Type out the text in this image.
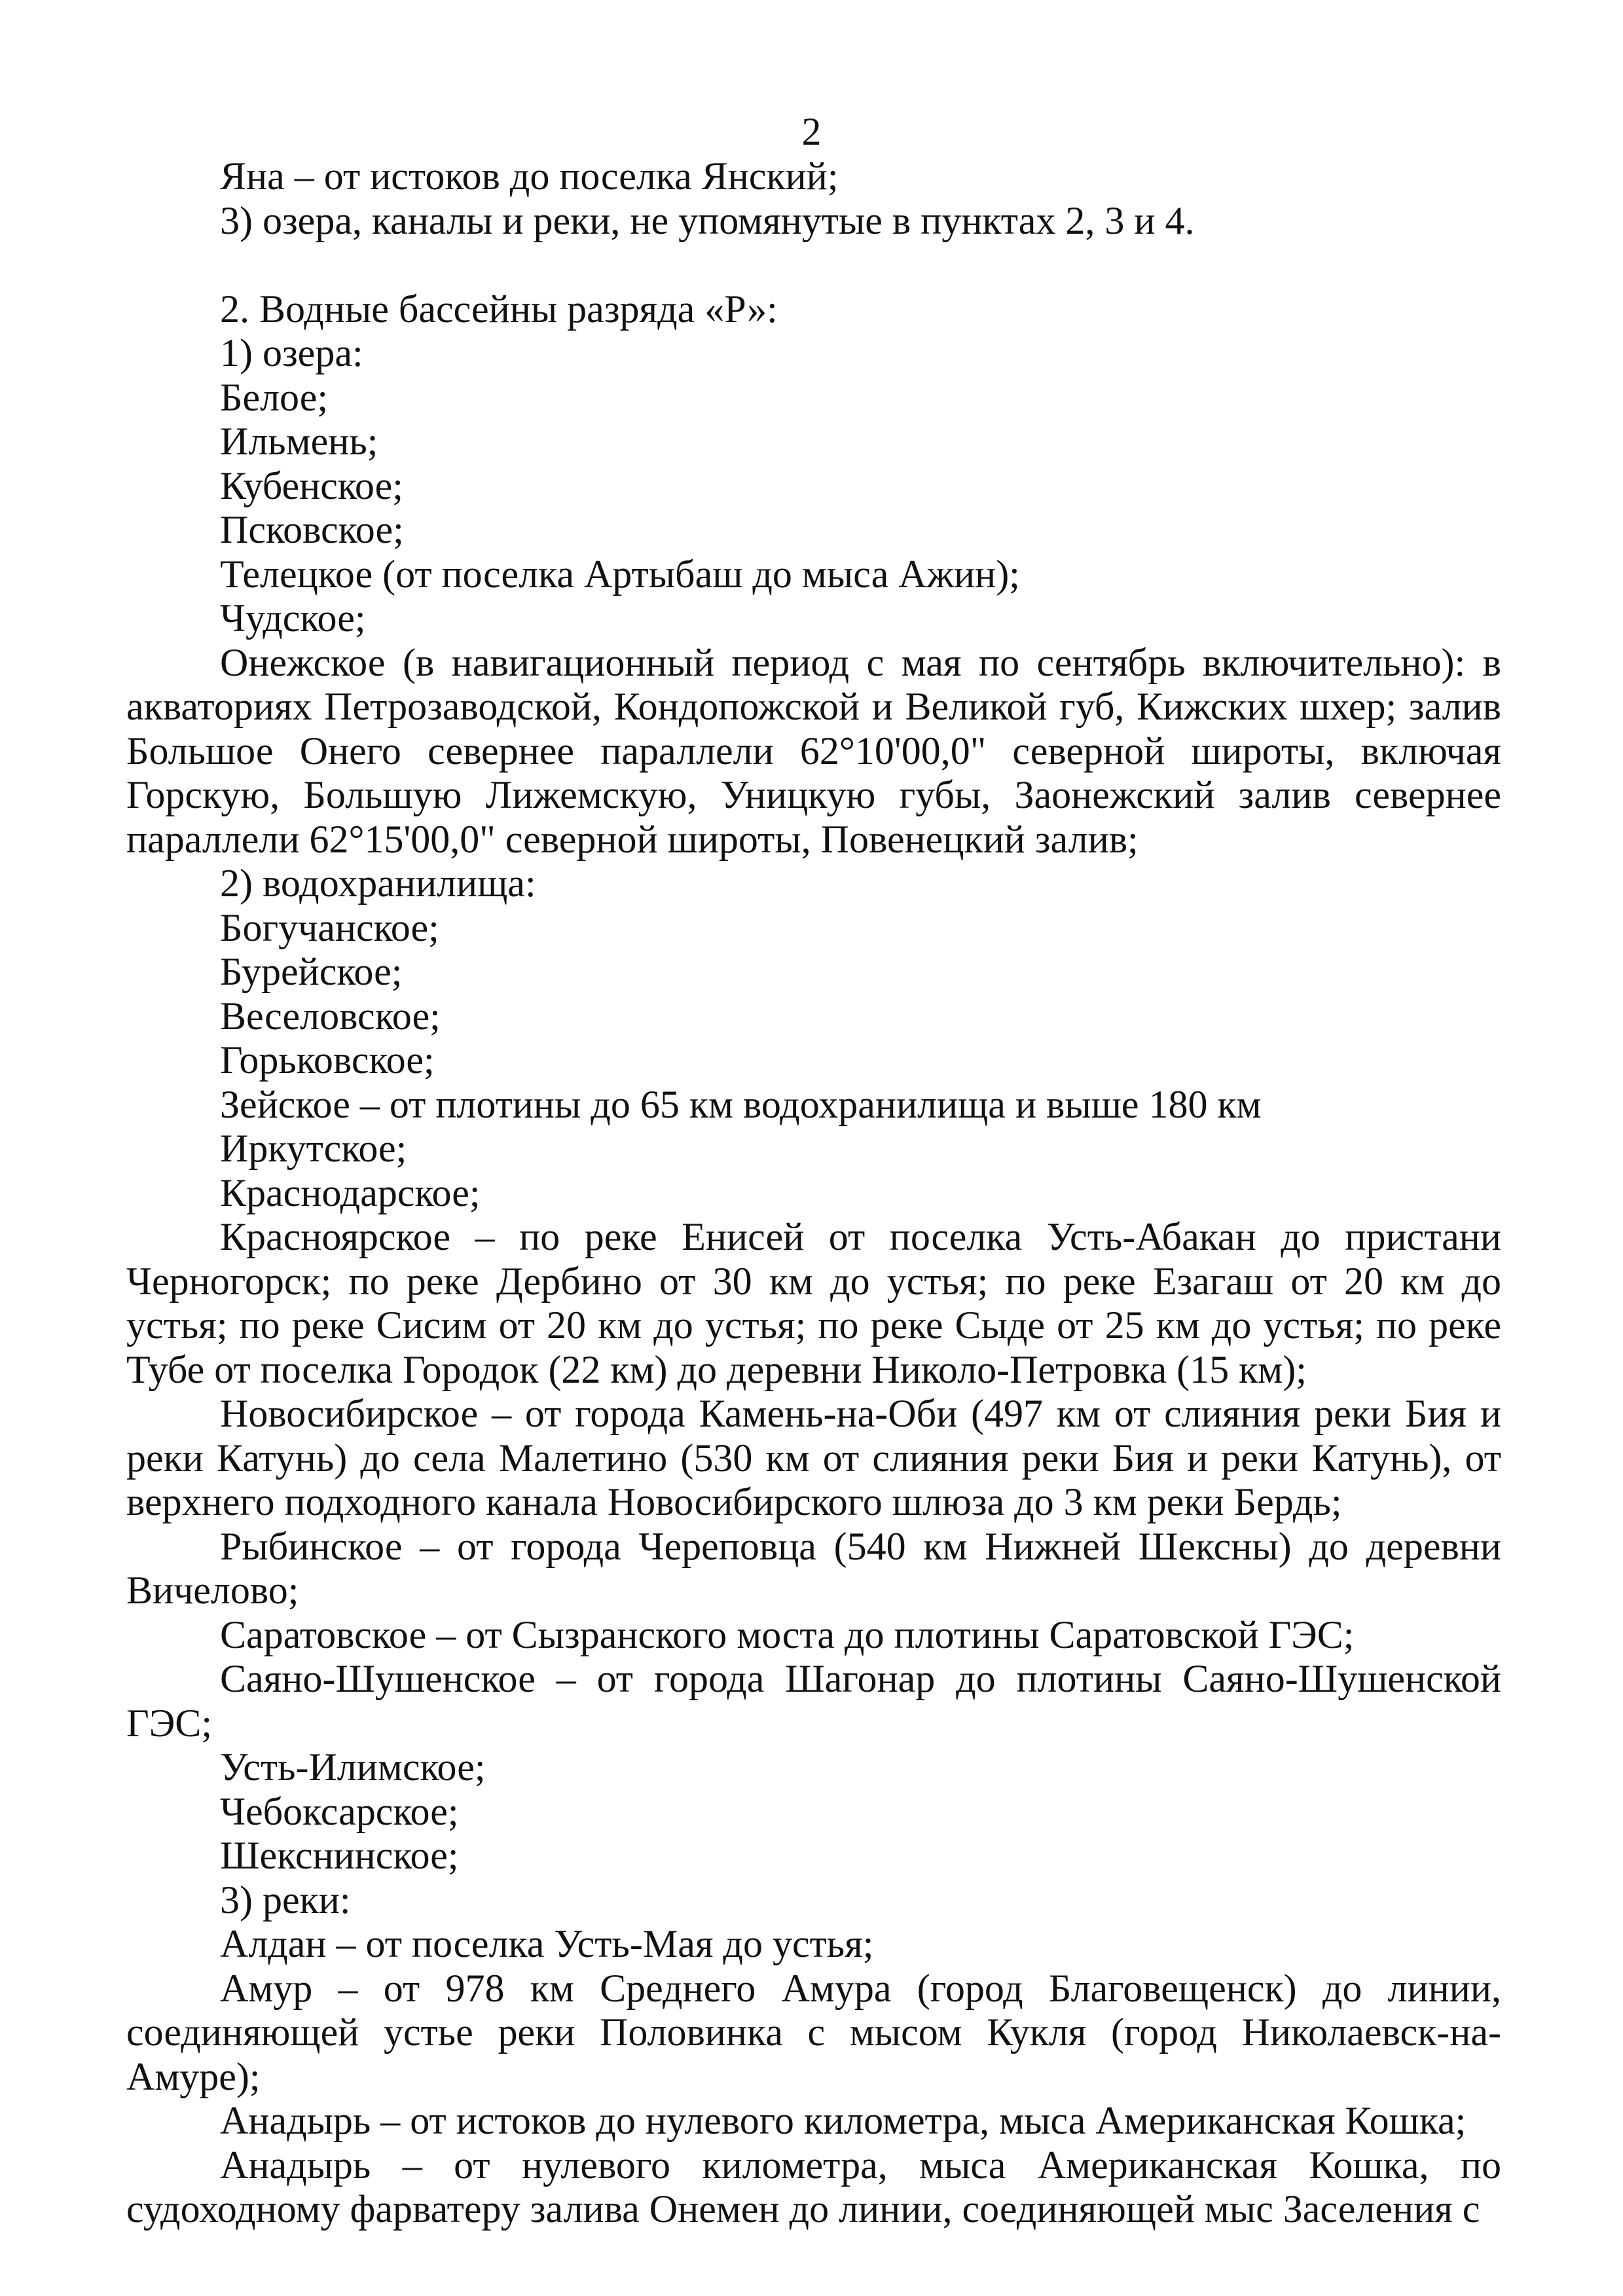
2

Яна – от истоков до поселка Янский;

3) озера, каналы и реки, не упомянутые в пунктах 2, 3 и 4.

2. Водные бассейны разряда «Р»:

1) озера:

Белое;

Ильмень;

Кубенское;

Псковское;

Телецкое (от поселка Артыбаш до мыса Ажин);

Чудское;

Онежское (в навигационный период с мая по сентябрь включительно): в акваториях Петрозаводской, Кондопожской и Великой губ, Кижских шхер; залив Большое Онего севернее параллели 62°10'00,0" северной широты, включая Горскую, Большую Лижемскую, Уницкую губы, Заонежский залив севернее параллели 62°15'00,0" северной широты, Повенецкий залив;

2) водохранилища:

Богучанское;

Бурейское;

Веселовское;

Горьковское;

Зейское – от плотины до 65 км водохранилища и выше 180 км

Иркутское;

Краснодарское;

Красноярское – по реке Енисей от поселка Усть-Абакан до пристани Черногорск; по реке Дербино от 30 км до устья; по реке Езагаш от 20 км до устья; по реке Сисим от 20 км до устья; по реке Сыде от 25 км до устья; по реке Тубе от поселка Городок (22 км) до деревни Николо-Петровка (15 км);

Новосибирское – от города Камень-на-Оби (497 км от слияния реки Бия и реки Катунь) до села Малетино (530 км от слияния реки Бия и реки Катунь), от верхнего подходного канала Новосибирского шлюза до 3 км реки Бердь;

Рыбинское – от города Череповца (540 км Нижней Шексны) до деревни Вичелово;

Саратовское – от Сызранского моста до плотины Саратовской ГЭС;

Саяно-Шушенское – от города Шагонар до плотины Саяно-Шушенской ГЭС;

Усть-Илимское;

Чебоксарское;

Шекснинское;

3) реки:

Алдан – от поселка Усть-Мая до устья;

Амур – от 978 км Среднего Амура (город Благовещенск) до линии, соединяющей устье реки Половинка с мысом Кукля (город Николаевск-на-Амуре);

Анадырь – от истоков до нулевого километра, мыса Американская Кошка;

Анадырь – от нулевого километра, мыса Американская Кошка, по судоходному фарватеру залива Онемен до линии, соединяющей мыс Заселения с
